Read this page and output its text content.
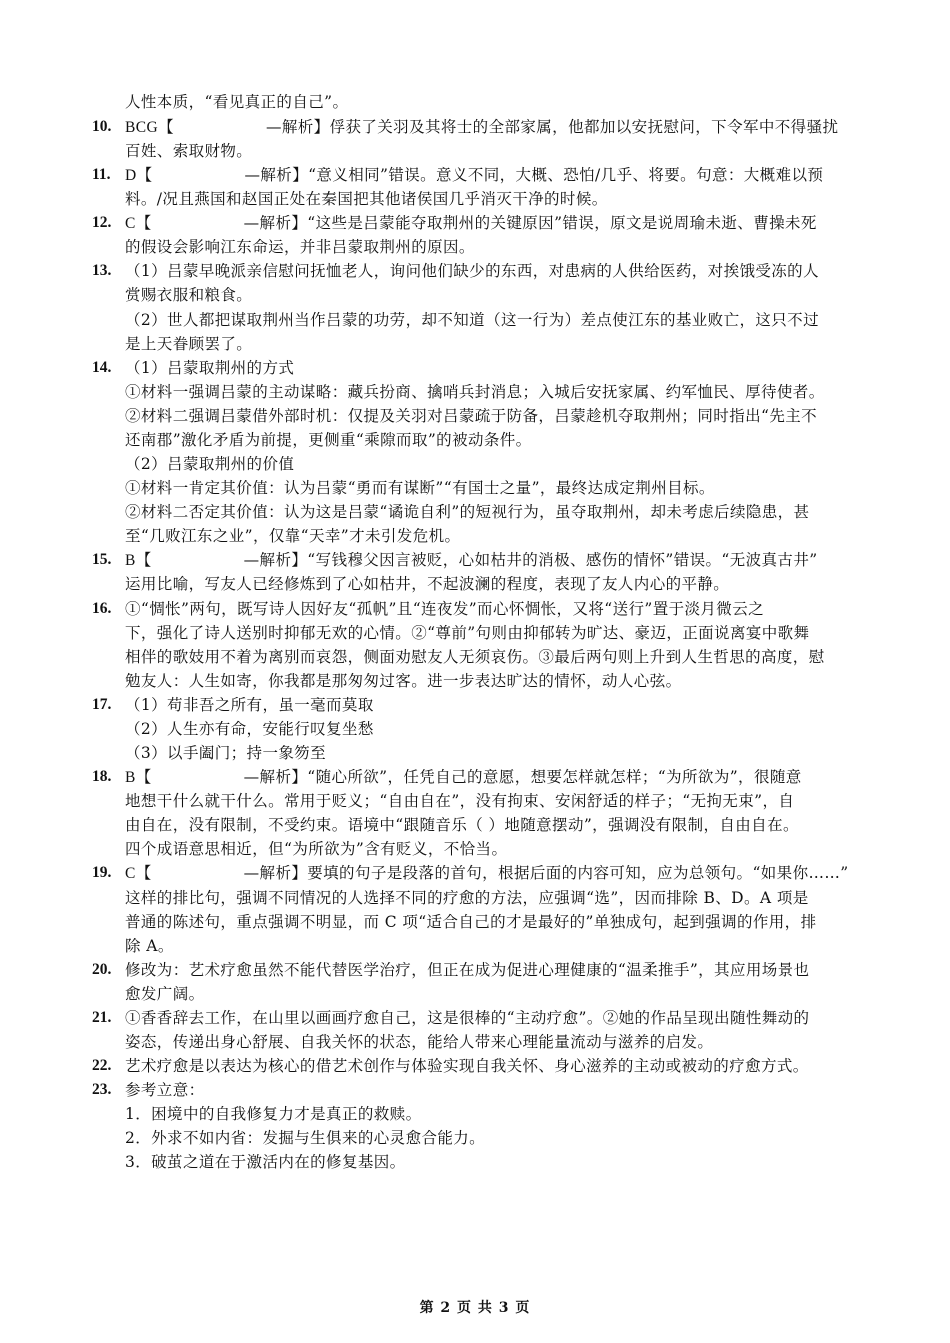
人性本质，“看见真正的自己”。
10. BCG【	—解析】俘获了关羽及其将士的全部家属，他都加以安抚慰问，下令军中不得骚扰
百姓、索取财物。
11. D【	—解析】“意义相同”错误。意义不同，大概、恐怕/几乎、将要。句意：大概难以预
料。/况且燕国和赵国正处在秦国把其他诸侯国几乎消灭干净的时候。
12. C【	—解析】“这些是吕蒙能夺取荆州的关键原因”错误，原文是说周瑜未逝、曹操未死
的假设会影响江东命运，并非吕蒙取荆州的原因。
13. （1）吕蒙早晚派亲信慰问抚恤老人，询问他们缺少的东西，对患病的人供给医药，对挨饿受冻的人
赏赐衣服和粮食。
（2）世人都把谋取荆州当作吕蒙的功劳，却不知道（这一行为）差点使江东的基业败亡，这只不过
是上天眷顾罢了。
14. （1）吕蒙取荆州的方式
①材料一强调吕蒙的主动谋略：藏兵扮商、擒哨兵封消息；入城后安抚家属、约军恤民、厚待使者。
②材料二强调吕蒙借外部时机：仅提及关羽对吕蒙疏于防备，吕蒙趁机夺取荆州；同时指出“先主不
还南郡”激化矛盾为前提，更侧重“乘隙而取”的被动条件。
（2）吕蒙取荆州的价值
①材料一肯定其价值：认为吕蒙“勇而有谋断”“有国士之量”，最终达成定荆州目标。
②材料二否定其价值：认为这是吕蒙“谲诡自利”的短视行为，虽夺取荆州，却未考虑后续隐患，甚
至“几败江东之业”，仅靠“天幸”才未引发危机。
15. B【	—解析】“写钱穆父因言被贬，心如枯井的消极、感伤的情怀”错误。“无波真古井”
运用比喻，写友人已经修炼到了心如枯井，不起波澜的程度，表现了友人内心的平静。
16. ①“惆怅”两句，既写诗人因好友“孤帆”且“连夜发”而心怀惆怅，又将“送行”置于淡月微云之
下，强化了诗人送别时抑郁无欢的心情。②“尊前”句则由抑郁转为旷达、豪迈，正面说离宴中歌舞
相伴的歌妓用不着为离别而哀怨，侧面劝慰友人无须哀伤。③最后两句则上升到人生哲思的高度，慰
勉友人：人生如寄，你我都是那匆匆过客。进一步表达旷达的情怀，动人心弦。
17. （1）苟非吾之所有，虽一毫而莫取
（2）人生亦有命，安能行叹复坐愁
（3）以手阖门；持一象笏至
18. B【	—解析】“随心所欲”，任凭自己的意愿，想要怎样就怎样；“为所欲为”，很随意
地想干什么就干什么。常用于贬义；“自由自在”，没有拘束、安闲舒适的样子；“无拘无束”，自
由自在，没有限制，不受约束。语境中“跟随音乐（ ）地随意摆动”，强调没有限制，自由自在。
四个成语意思相近，但“为所欲为”含有贬义，不恰当。
19. C【	—解析】要填的句子是段落的首句，根据后面的内容可知，应为总领句。“如果你……”
这样的排比句，强调不同情况的人选择不同的疗愈的方法，应强调“选”，因而排除 B、D。A 项是
普通的陈述句，重点强调不明显，而 C 项“适合自己的才是最好的”单独成句，起到强调的作用，排
除 A。
20. 修改为：艺术疗愈虽然不能代替医学治疗，但正在成为促进心理健康的“温柔推手”，其应用场景也
愈发广阔。
21. ①香香辞去工作，在山里以画画疗愈自己，这是很棒的“主动疗愈”。②她的作品呈现出随性舞动的
姿态，传递出身心舒展、自我关怀的状态，能给人带来心理能量流动与滋养的启发。
22. 艺术疗愈是以表达为核心的借艺术创作与体验实现自我关怀、身心滋养的主动或被动的疗愈方式。
23. 参考立意：
1．困境中的自我修复力才是真正的救赎。
2．外求不如内省：发掘与生俱来的心灵愈合能力。
3．破茧之道在于激活内在的修复基因。
第 2 页 共 3 页
